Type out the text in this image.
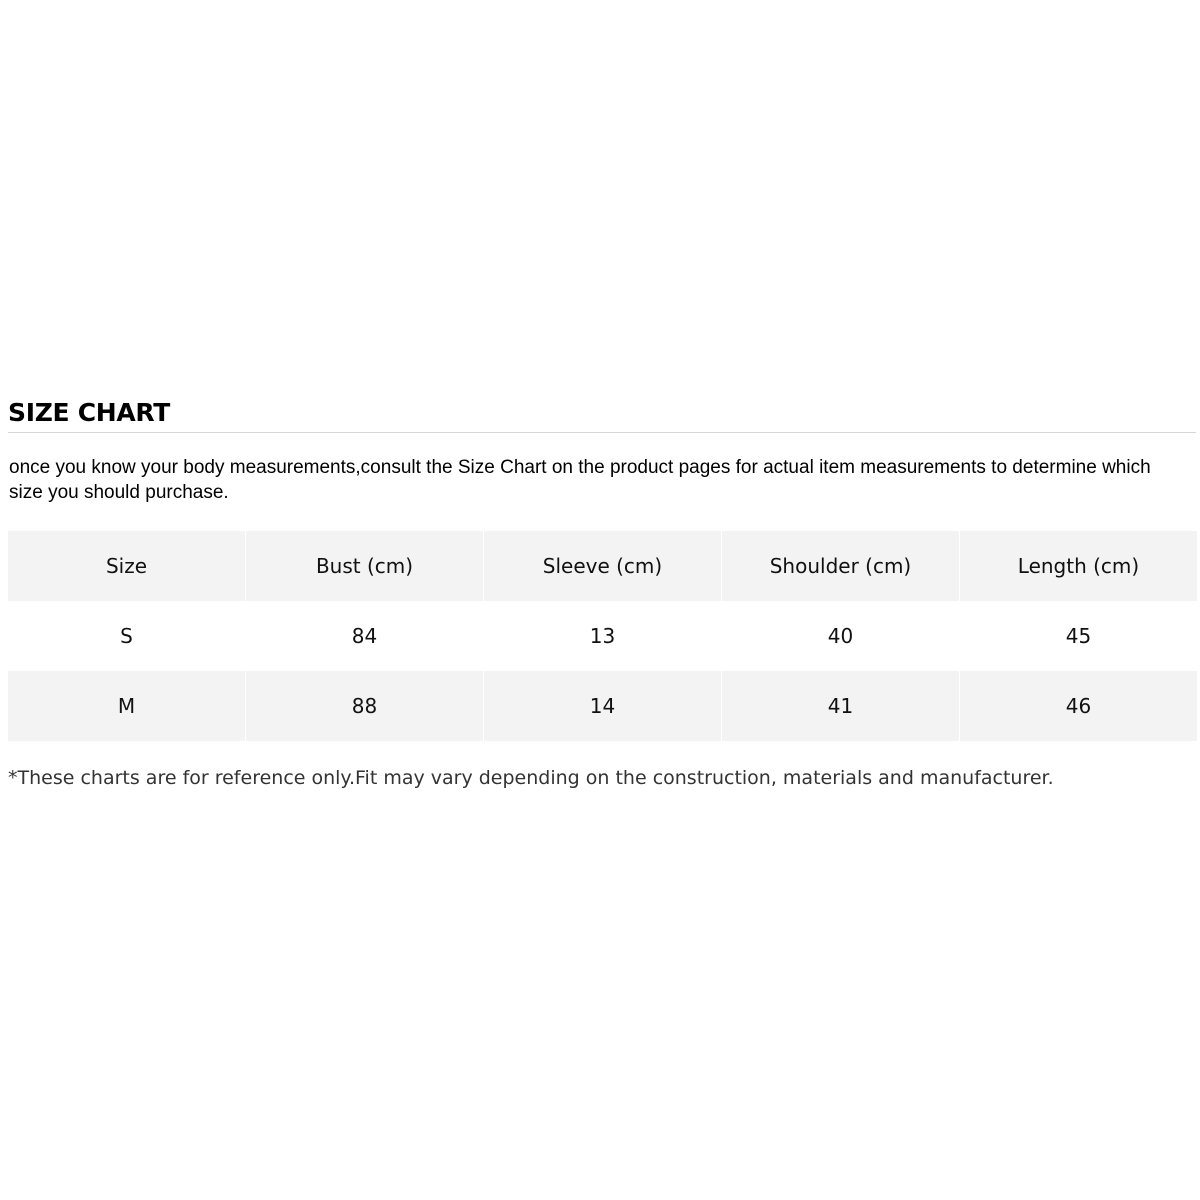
SIZE CHART

once you know your body measurements,consult the Size Chart on the product pages for actual item measurements to determine which size you should purchase.

Size	Bust (cm)	Sleeve (cm)	Shoulder (cm)	Length (cm)
S	84	13	40	45
M	88	14	41	46

*These charts are for reference only.Fit may vary depending on the construction, materials and manufacturer.
